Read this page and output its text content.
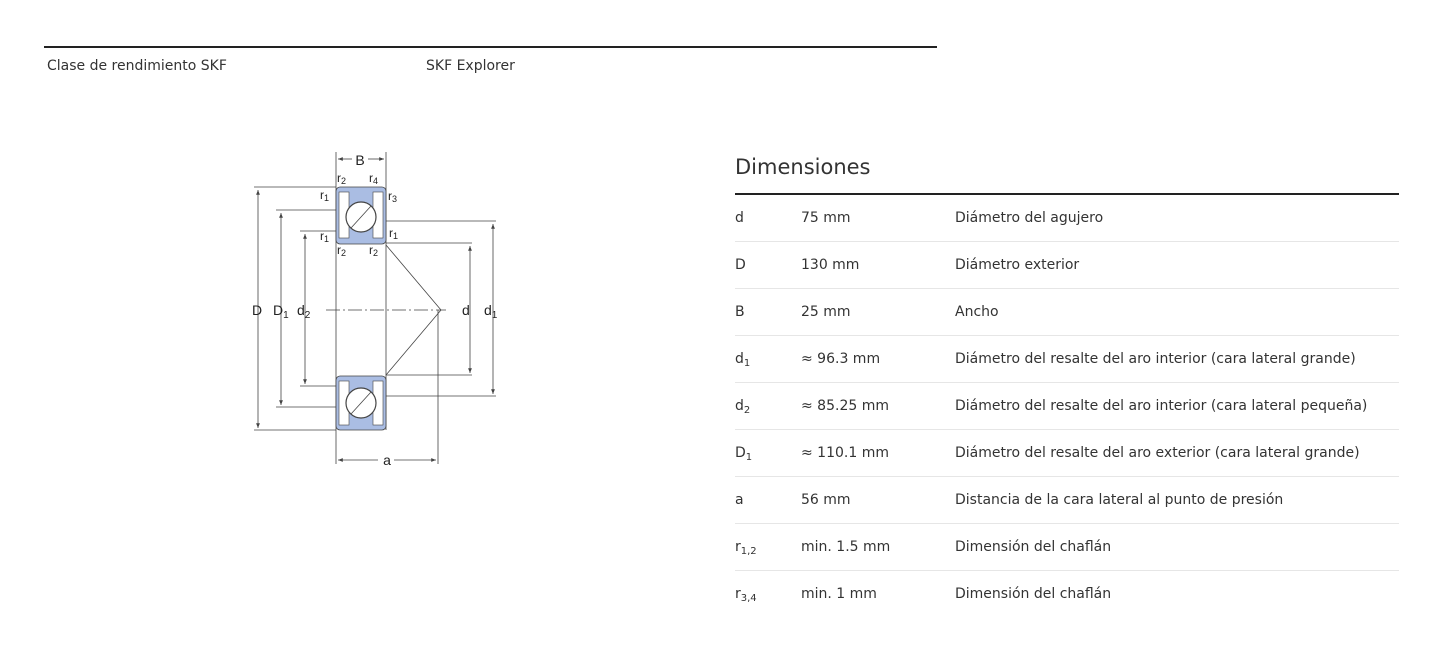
Clase de rendimiento SKF	SKF Explorer
B
a
D $D_1$ $d_2$	d $d_1$
r2 r4
r1	r3
r1	r1
r2 r2
Dimensiones
d	75 mm	Diámetro del agujero
D	130 mm	Diámetro exterior
B	25 mm	Ancho
$d_1$	≈ 96.3 mm	Diámetro del resalte del aro interior (cara lateral grande)
$d_2$	≈ 85.25 mm	Diámetro del resalte del aro interior (cara lateral pequeña)
$D_1$	≈ 110.1 mm	Diámetro del resalte del aro exterior (cara lateral grande)
a	56 mm	Distancia de la cara lateral al punto de presión
$r_{1,2}$	min. 1.5 mm	Dimensión del chaflán
$r_{3,4}$	min. 1 mm	Dimensión del chaflán
